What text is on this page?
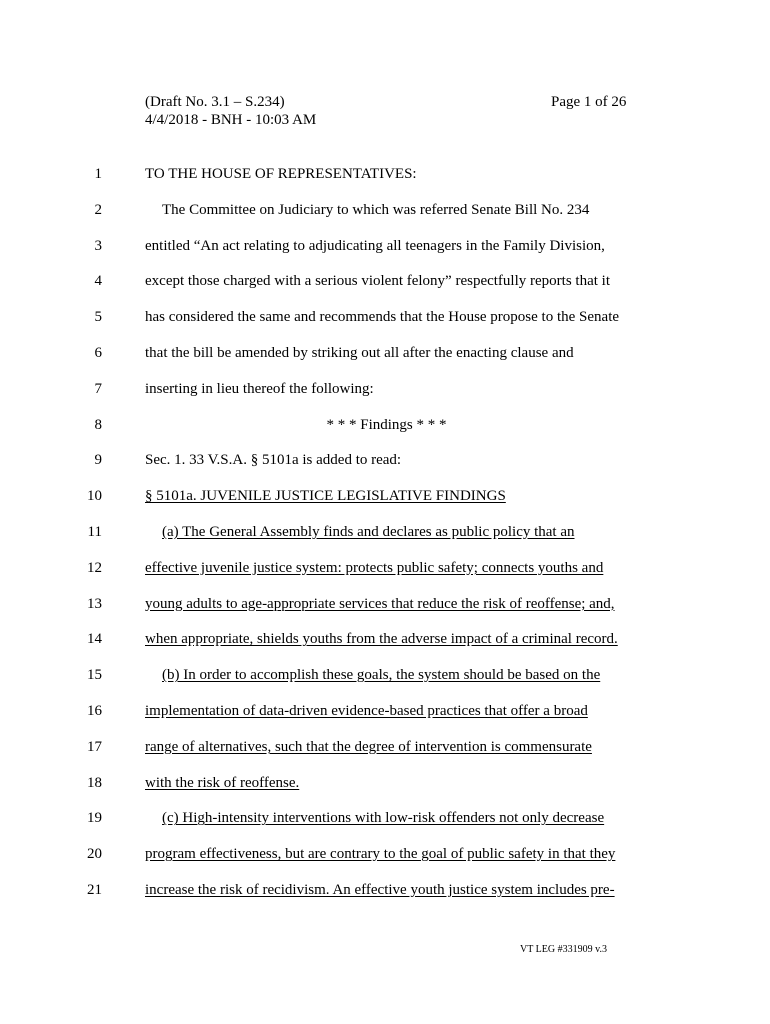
(Draft No. 3.1 – S.234)
4/4/2018 - BNH - 10:03 AM
Page 1 of 26
1	TO THE HOUSE OF REPRESENTATIVES:
2	The Committee on Judiciary to which was referred Senate Bill No. 234
3	entitled “An act relating to adjudicating all teenagers in the Family Division,
4	except those charged with a serious violent felony” respectfully reports that it
5	has considered the same and recommends that the House propose to the Senate
6	that the bill be amended by striking out all after the enacting clause and
7	inserting in lieu thereof the following:
8	* * * Findings * * *
9	Sec. 1. 33 V.S.A. § 5101a is added to read:
10	§ 5101a. JUVENILE JUSTICE LEGISLATIVE FINDINGS
11	(a) The General Assembly finds and declares as public policy that an
12	effective juvenile justice system: protects public safety; connects youths and
13	young adults to age-appropriate services that reduce the risk of reoffense; and,
14	when appropriate, shields youths from the adverse impact of a criminal record.
15	(b) In order to accomplish these goals, the system should be based on the
16	implementation of data-driven evidence-based practices that offer a broad
17	range of alternatives, such that the degree of intervention is commensurate
18	with the risk of reoffense.
19	(c) High-intensity interventions with low-risk offenders not only decrease
20	program effectiveness, but are contrary to the goal of public safety in that they
21	increase the risk of recidivism. An effective youth justice system includes pre-
VT LEG #331909 v.3
